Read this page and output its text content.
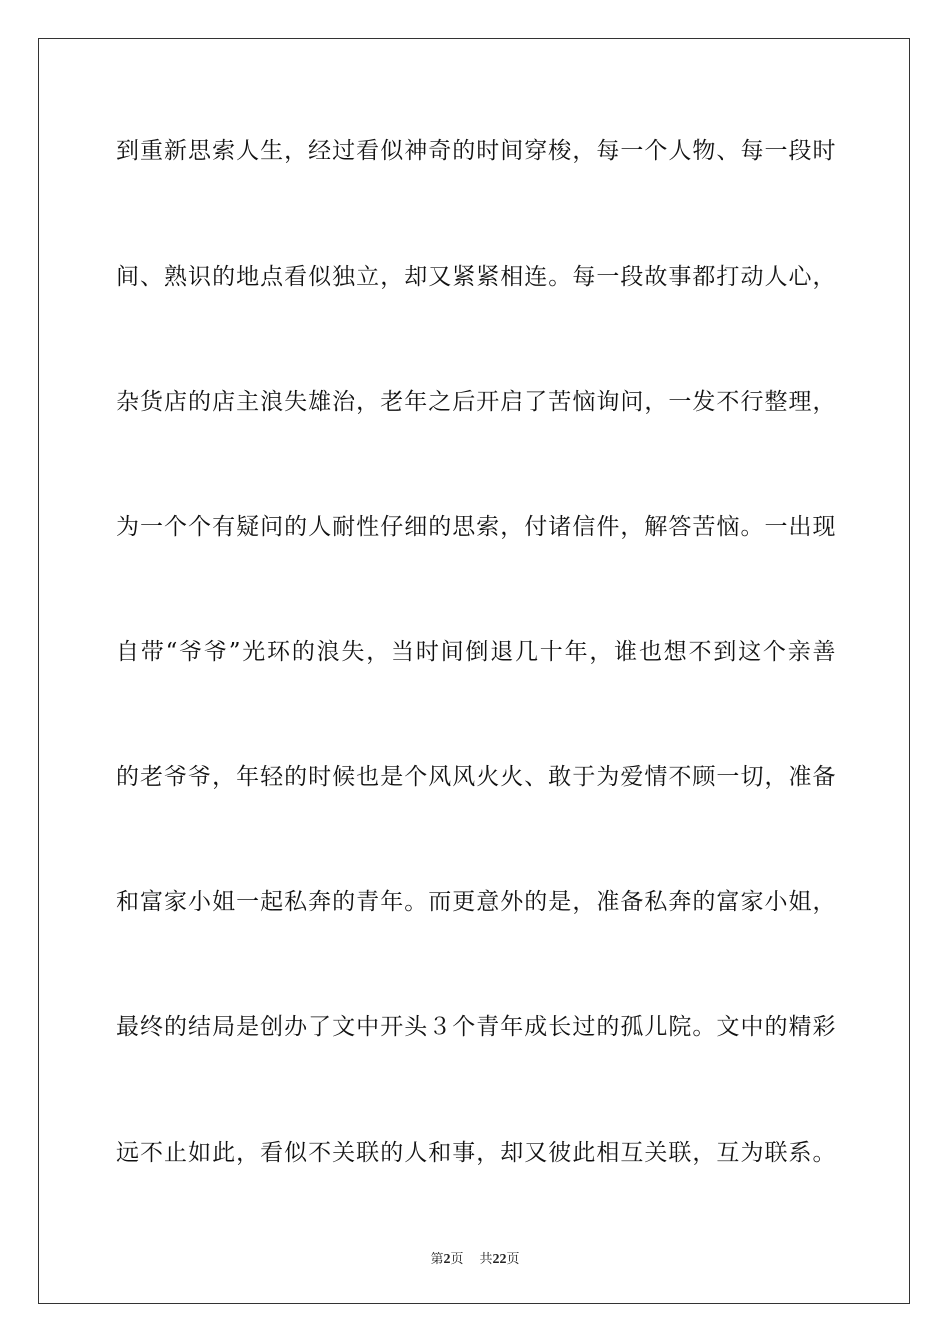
到重新思索人生，经过看似神奇的时间穿梭，每一个人物、每一段时
间、熟识的地点看似独立，却又紧紧相连。每一段故事都打动人心，
杂货店的店主浪失雄治，老年之后开启了苦恼询问，一发不行整理，
为一个个有疑问的人耐性仔细的思索，付诸信件，解答苦恼。一出现
自带“爷爷”光环的浪失，当时间倒退几十年，谁也想不到这个亲善
的老爷爷，年轻的时候也是个风风火火、敢于为爱情不顾一切，准备
和富家小姐一起私奔的青年。而更意外的是，准备私奔的富家小姐，
最终的结局是创办了文中开头３个青年成长过的孤儿院。文中的精彩
远不止如此，看似不关联的人和事，却又彼此相互关联，互为联系。
第2页 共22页
